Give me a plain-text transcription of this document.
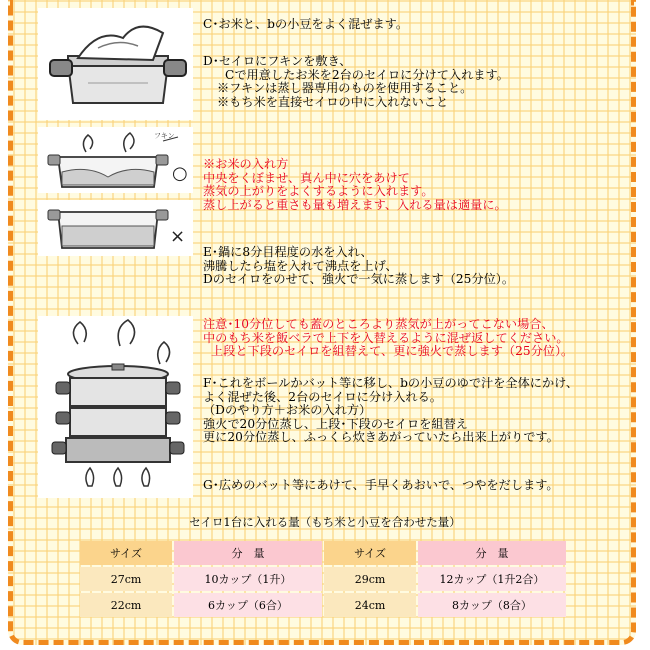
フキン
○
×
C･お米と、bの小豆をよく混ぜます。
D･セイロにフキンを敷き、
Cで用意したお米を2台のセイロに分けて入れます。
※フキンは蒸し器専用のものを使用すること。
※もち米を直接セイロの中に入れないこと
※お米の入れ方
中央をくぼませ、真ん中に穴をあけて
蒸気の上がりをよくするように入れます。
蒸し上がると重さも量も増えます、入れる量は適量に。
E･鍋に8分目程度の水を入れ、
沸騰したら塩を入れて沸点を上げ、
Dのセイロをのせて、強火で一気に蒸します（25分位）。
注意･10分位しても蓋のところより蒸気が上がってこない場合、
中のもち米を飯ベラで上下を入替えるように混ぜ返してください。
上段と下段のセイロを組替えて、更に強火で蒸します（25分位）。
F･これをボールかバット等に移し、bの小豆のゆで汁を全体にかけ、
よく混ぜた後、2台のセイロに分け入れる。
（Dのやり方＋お米の入れ方）
強火で20分位蒸し、上段･下段のセイロを組替え
更に20分位蒸し、ふっくら炊きあがっていたら出来上がりです。
G･広めのバット等にあけて、手早くあおいで、つやをだします。
セイロ1台に入れる量（もち米と小豆を合わせた量）
サイズ	分　量	サイズ	分　量
27cm	10カップ（1升）	29cm	12カップ（1升2合）
22cm	6カップ（6合）	24cm	8カップ（8合）
